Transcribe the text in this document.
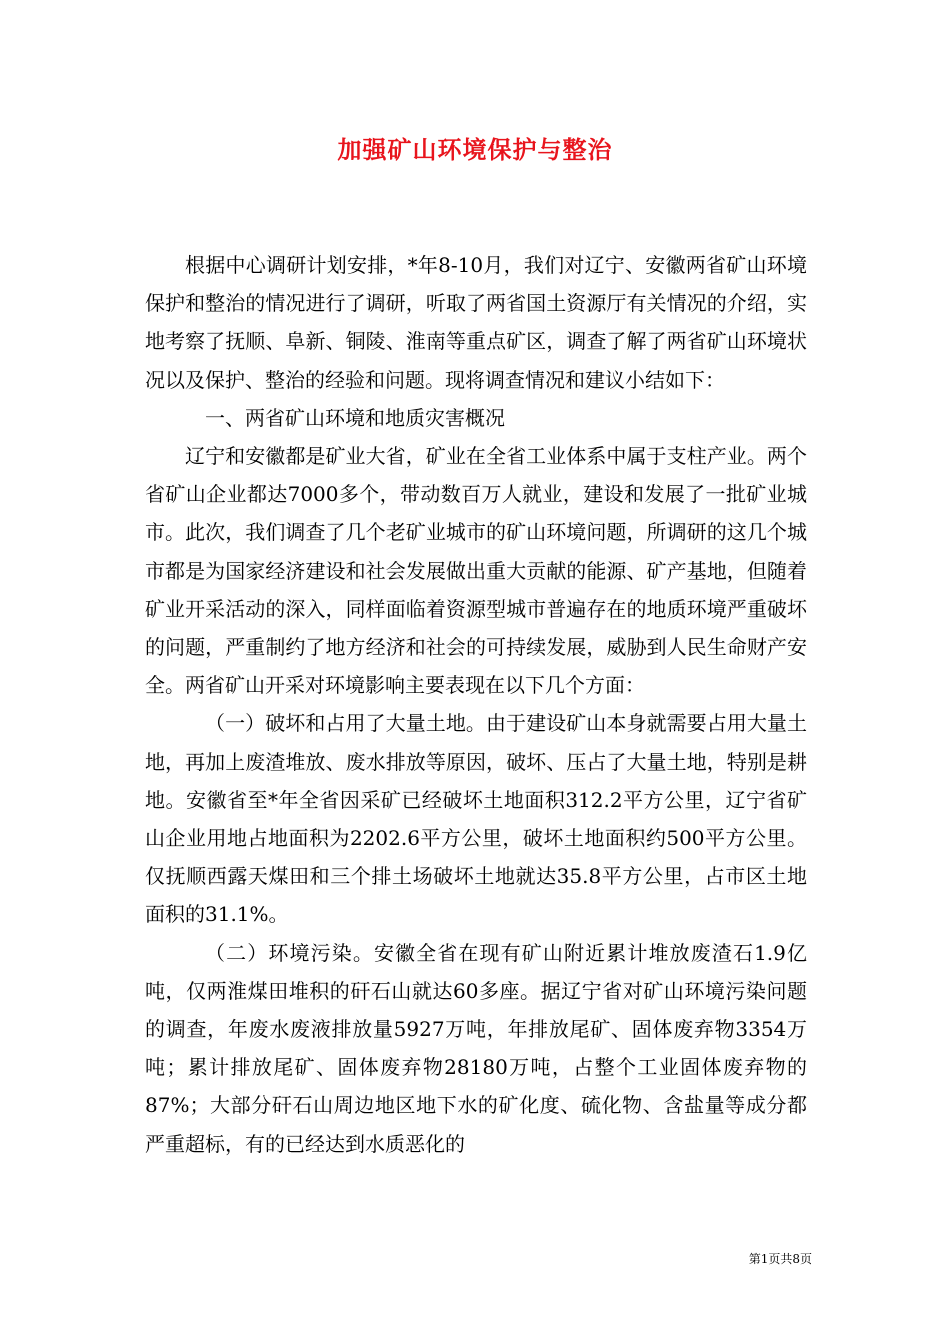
加强矿山环境保护与整治

根据中心调研计划安排，*年8-10月，我们对辽宁、安徽两省矿山环境保护和整治的情况进行了调研，听取了两省国土资源厅有关情况的介绍，实地考察了抚顺、阜新、铜陵、淮南等重点矿区，调查了解了两省矿山环境状况以及保护、整治的经验和问题。现将调查情况和建议小结如下：

一、两省矿山环境和地质灾害概况

辽宁和安徽都是矿业大省，矿业在全省工业体系中属于支柱产业。两个省矿山企业都达7000多个，带动数百万人就业，建设和发展了一批矿业城市。此次，我们调查了几个老矿业城市的矿山环境问题，所调研的这几个城市都是为国家经济建设和社会发展做出重大贡献的能源、矿产基地，但随着矿业开采活动的深入，同样面临着资源型城市普遍存在的地质环境严重破坏的问题，严重制约了地方经济和社会的可持续发展，威胁到人民生命财产安全。两省矿山开采对环境影响主要表现在以下几个方面：

（一）破坏和占用了大量土地。由于建设矿山本身就需要占用大量土地，再加上废渣堆放、废水排放等原因，破坏、压占了大量土地，特别是耕地。安徽省至*年全省因采矿已经破坏土地面积312.2平方公里，辽宁省矿山企业用地占地面积为2202.6平方公里，破坏土地面积约500平方公里。仅抚顺西露天煤田和三个排土场破坏土地就达35.8平方公里，占市区土地面积的31.1%。

（二）环境污染。安徽全省在现有矿山附近累计堆放废渣石1.9亿吨，仅两淮煤田堆积的矸石山就达60多座。据辽宁省对矿山环境污染问题的调查，年废水废液排放量5927万吨，年排放尾矿、固体废弃物3354万吨；累计排放尾矿、固体废弃物28180万吨，占整个工业固体废弃物的87%；大部分矸石山周边地区地下水的矿化度、硫化物、含盐量等成分都严重超标，有的已经达到水质恶化的

第1页共8页
